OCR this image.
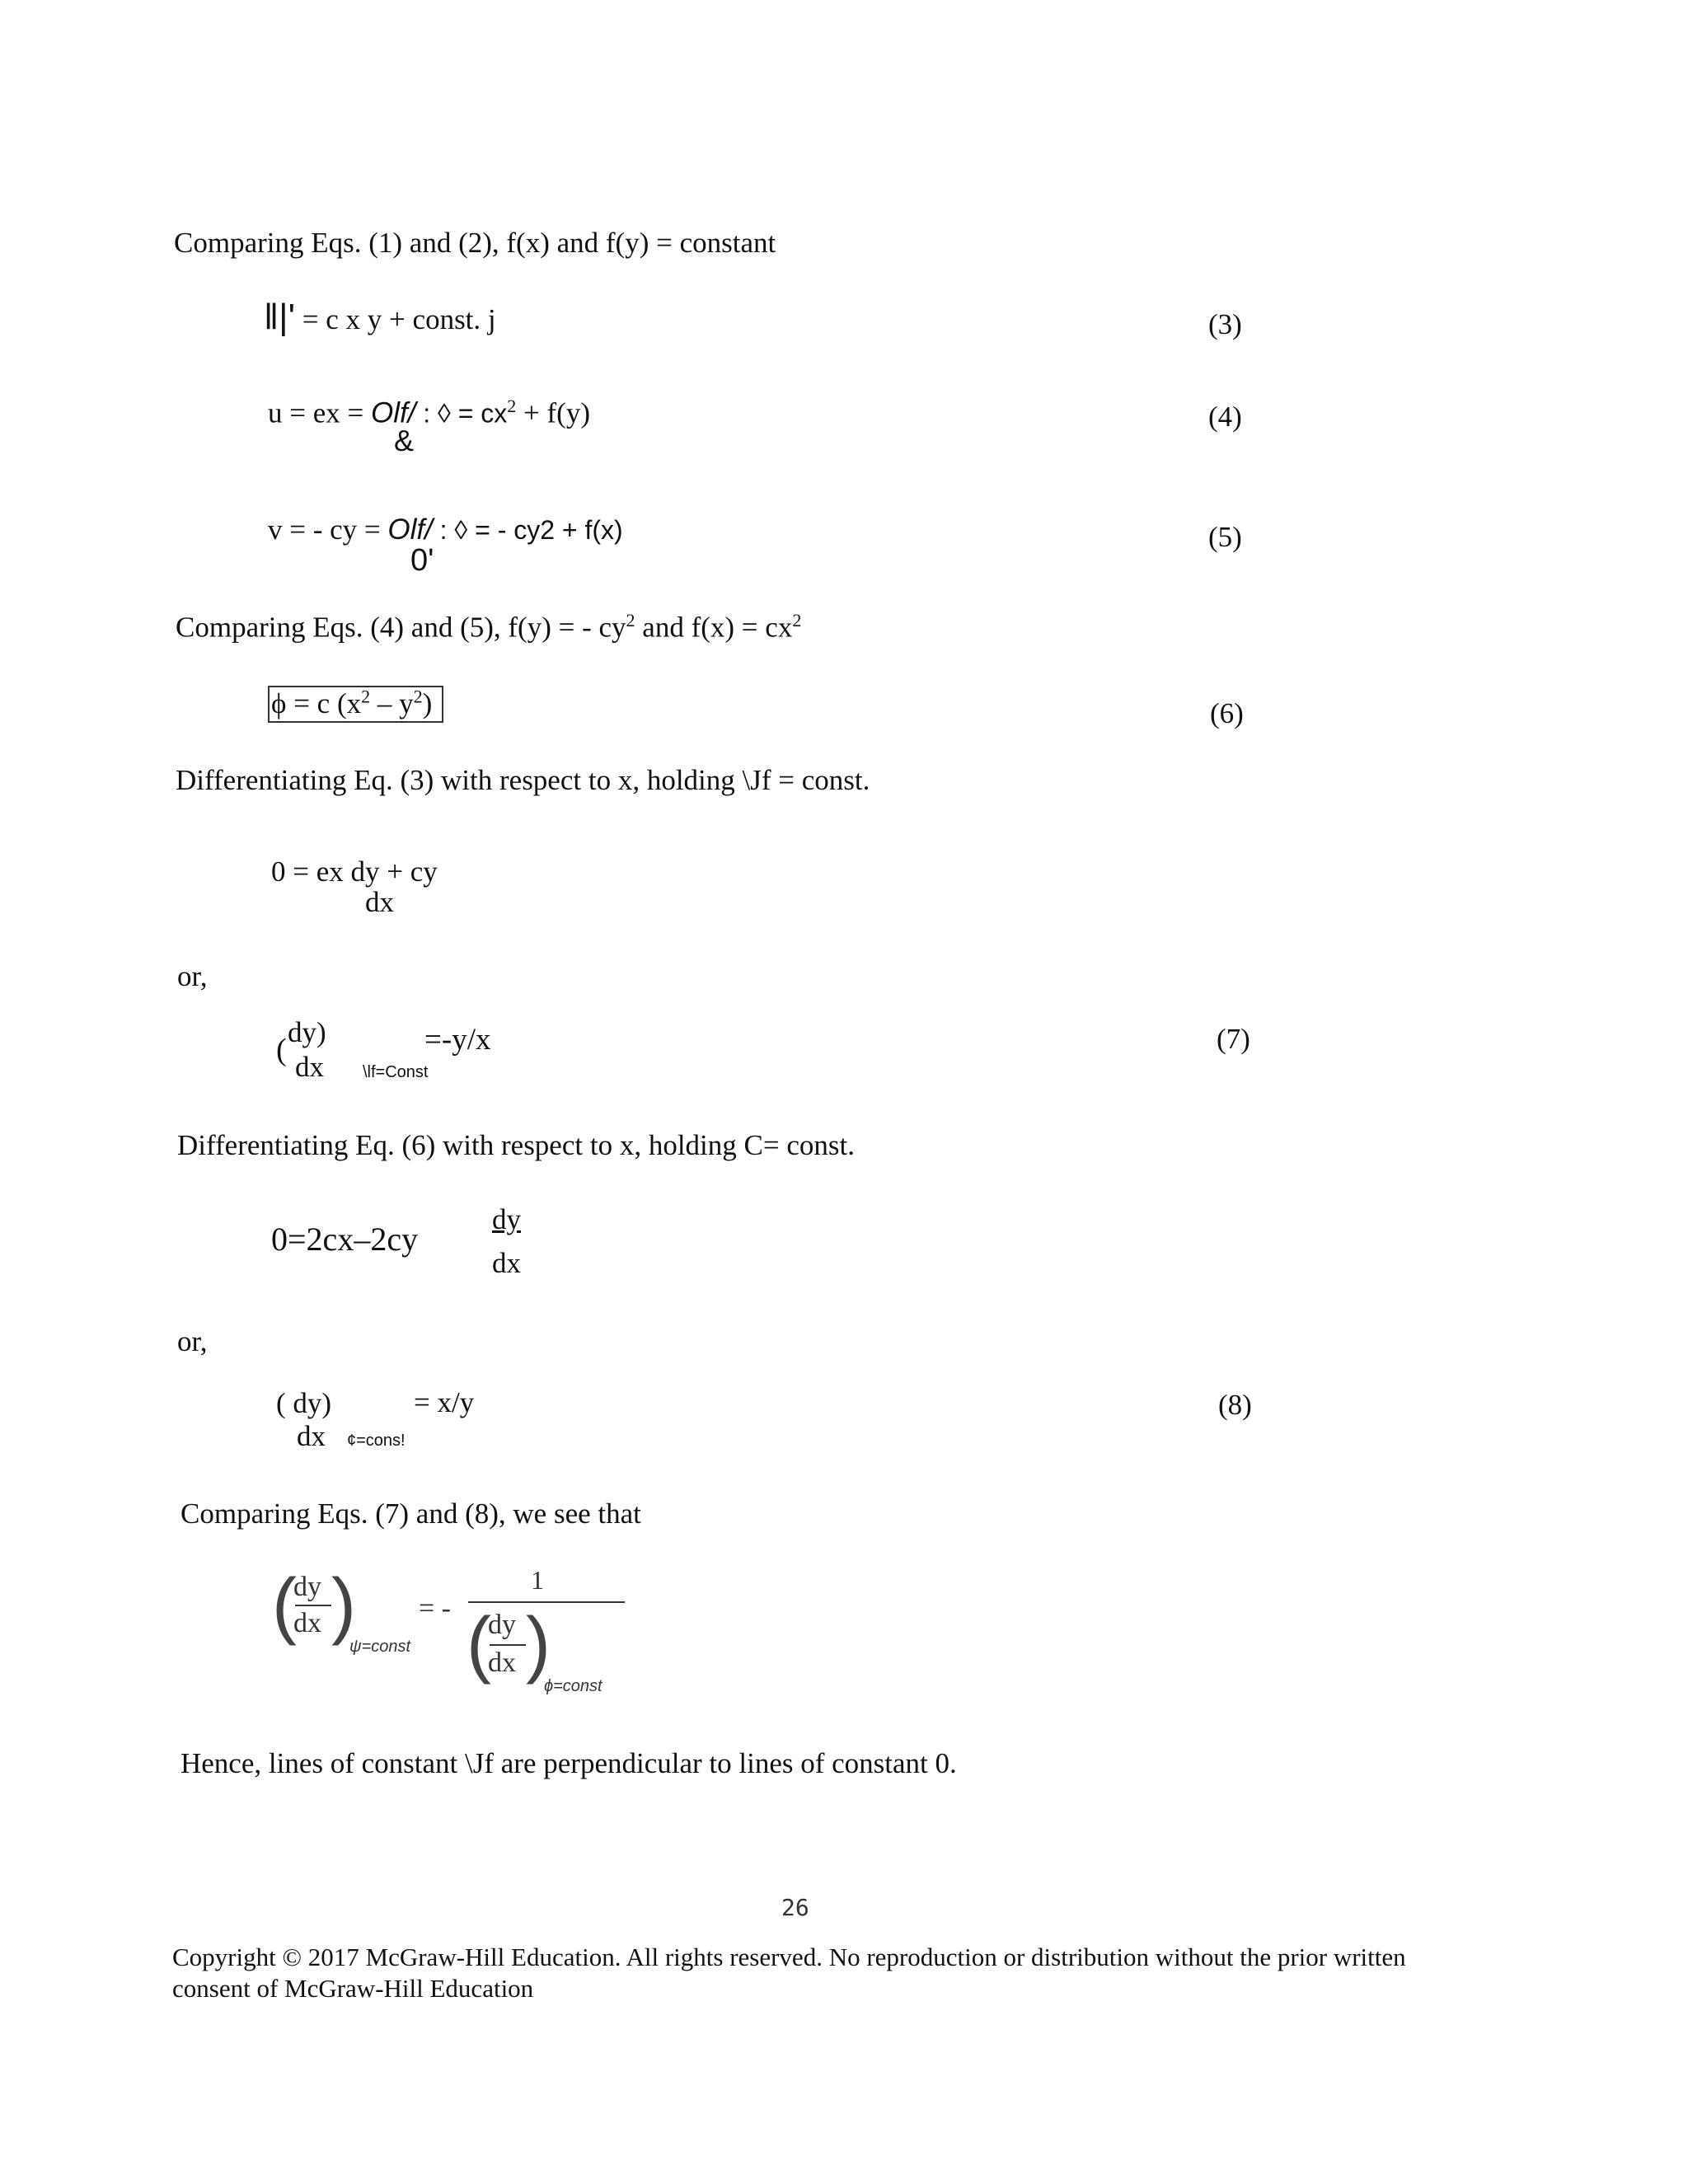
Comparing Eqs. (1) and (2), f(x) and f(y) = constant
ǁ|' = c x y + const. j	(3)
u = ex = Olf/ : ◊ = $cx^2 + f(y)$
&
(4)
v = - cy = Olf/ : ◊ = - cy2 + f(x)
0'
(5)
Comparing Eqs. (4) and (5), f(y) = - $cy^2$ and $f(x) = cx^2$
ϕ = c $(x^2 - y^2)$	(6)
Differentiating Eq. (3) with respect to x, holding \Jf = const.
0 = ex dy + cy
dx
or,
dy)
( dx \lf=Const
=-y/x	(7)
Differentiating Eq. (6) with respect to x, holding C= const.
0=2cx–2cy
dy
dx
or,
( dy)
dx ¢=cons!
= x/y	(8)
Comparing Eqs. (7) and (8), we see that
(
dy
dx )
ψ=const
= -
1
(
dy
dx )
ϕ=const
Hence, lines of constant \Jf are perpendicular to lines of constant 0.
26
Copyright © 2017 McGraw-Hill Education. All rights reserved. No reproduction or distribution without the prior written
consent of McGraw-Hill Education
